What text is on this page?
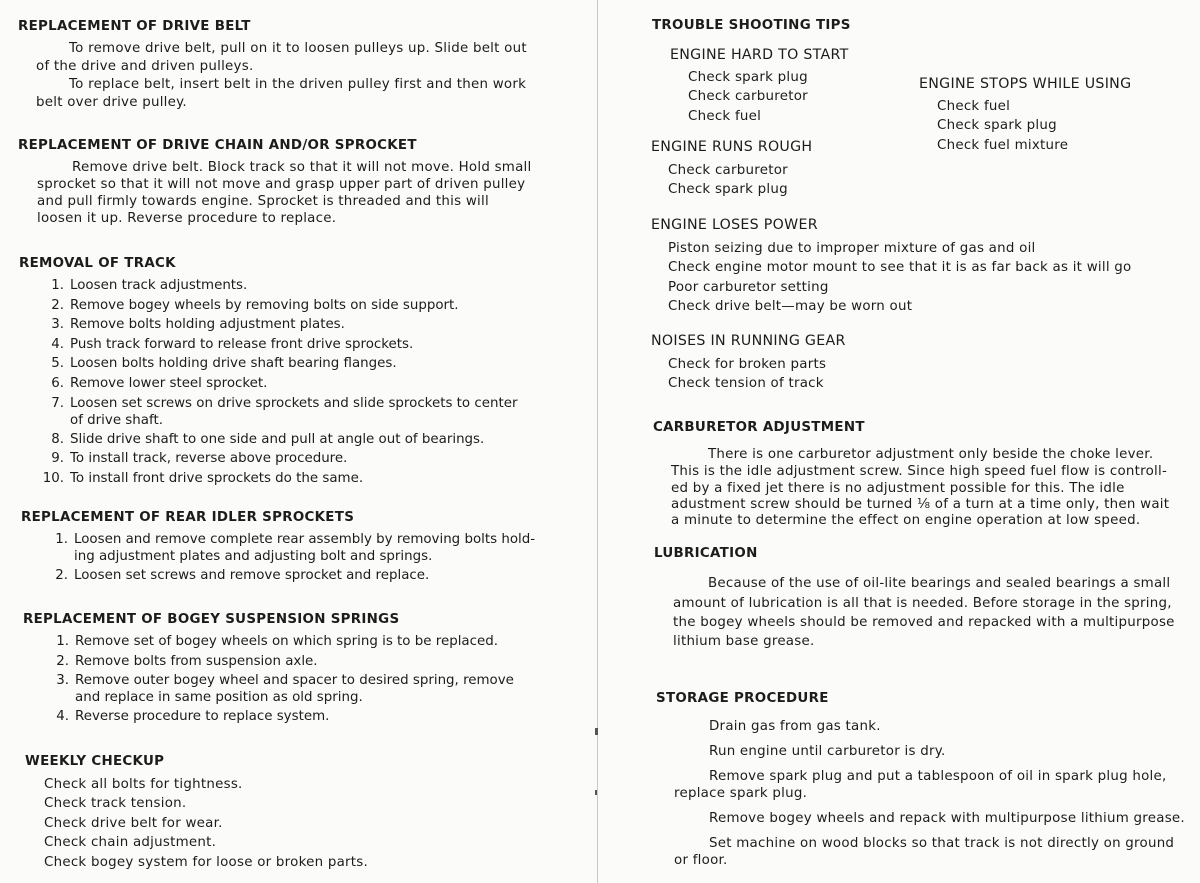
REPLACEMENT OF DRIVE BELT
To remove drive belt, pull on it to loosen pulleys up. Slide belt out
of the drive and driven pulleys.
To replace belt, insert belt in the driven pulley first and then work
belt over drive pulley.
REPLACEMENT OF DRIVE CHAIN AND/OR SPROCKET
Remove drive belt. Block track so that it will not move. Hold small
sprocket so that it will not move and grasp upper part of driven pulley
and pull firmly towards engine. Sprocket is threaded and this will
loosen it up. Reverse procedure to replace.
REMOVAL OF TRACK
1. Loosen track adjustments.
2. Remove bogey wheels by removing bolts on side support.
3. Remove bolts holding adjustment plates.
4. Push track forward to release front drive sprockets.
5. Loosen bolts holding drive shaft bearing flanges.
6. Remove lower steel sprocket.
7. Loosen set screws on drive sprockets and slide sprockets to center
of drive shaft.
8. Slide drive shaft to one side and pull at angle out of bearings.
9. To install track, reverse above procedure.
10. To install front drive sprockets do the same.
REPLACEMENT OF REAR IDLER SPROCKETS
1. Loosen and remove complete rear assembly by removing bolts hold-
ing adjustment plates and adjusting bolt and springs.
2. Loosen set screws and remove sprocket and replace.
REPLACEMENT OF BOGEY SUSPENSION SPRINGS
1. Remove set of bogey wheels on which spring is to be replaced.
2. Remove bolts from suspension axle.
3. Remove outer bogey wheel and spacer to desired spring, remove
and replace in same position as old spring.
4. Reverse procedure to replace system.
WEEKLY CHECKUP
Check all bolts for tightness.
Check track tension.
Check drive belt for wear.
Check chain adjustment.
Check bogey system for loose or broken parts.
TROUBLE SHOOTING TIPS
ENGINE HARD TO START
Check spark plug
Check carburetor
Check fuel
ENGINE STOPS WHILE USING
Check fuel
Check spark plug
Check fuel mixture
ENGINE RUNS ROUGH
Check carburetor
Check spark plug
ENGINE LOSES POWER
Piston seizing due to improper mixture of gas and oil
Check engine motor mount to see that it is as far back as it will go
Poor carburetor setting
Check drive belt—may be worn out
NOISES IN RUNNING GEAR
Check for broken parts
Check tension of track
CARBURETOR ADJUSTMENT
There is one carburetor adjustment only beside the choke lever.
This is the idle adjustment screw. Since high speed fuel flow is controll-
ed by a fixed jet there is no adjustment possible for this. The idle
adustment screw should be turned ⅛ of a turn at a time only, then wait
a minute to determine the effect on engine operation at low speed.
LUBRICATION
Because of the use of oil-lite bearings and sealed bearings a small
amount of lubrication is all that is needed. Before storage in the spring,
the bogey wheels should be removed and repacked with a multipurpose
lithium base grease.
STORAGE PROCEDURE
Drain gas from gas tank.
Run engine until carburetor is dry.
Remove spark plug and put a tablespoon of oil in spark plug hole,
replace spark plug.
Remove bogey wheels and repack with multipurpose lithium grease.
Set machine on wood blocks so that track is not directly on ground
or floor.
